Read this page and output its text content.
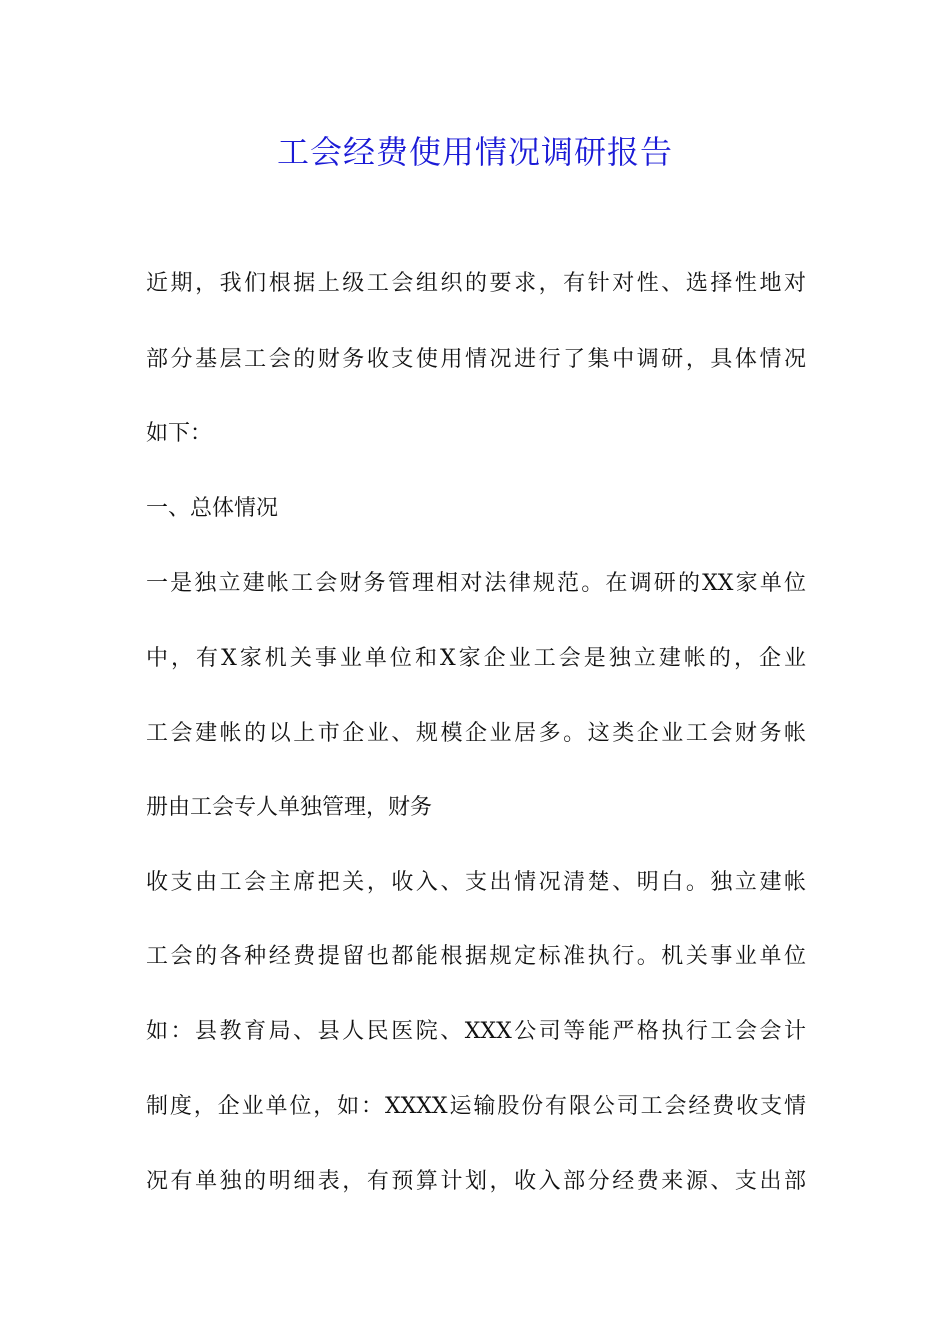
工会经费使用情况调研报告

近期，我们根据上级工会组织的要求，有针对性、选择性地对

部分基层工会的财务收支使用情况进行了集中调研，具体情况

如下：

一、总体情况

一是独立建帐工会财务管理相对法律规范。在调研的XX家单位

中，有X家机关事业单位和X家企业工会是独立建帐的，企业

工会建帐的以上市企业、规模企业居多。这类企业工会财务帐

册由工会专人单独管理，财务

收支由工会主席把关，收入、支出情况清楚、明白。独立建帐

工会的各种经费提留也都能根据规定标准执行。机关事业单位

如：县教育局、县人民医院、XXX公司等能严格执行工会会计

制度，企业单位，如：XXXX运输股份有限公司工会经费收支情

况有单独的明细表，有预算计划，收入部分经费来源、支出部
